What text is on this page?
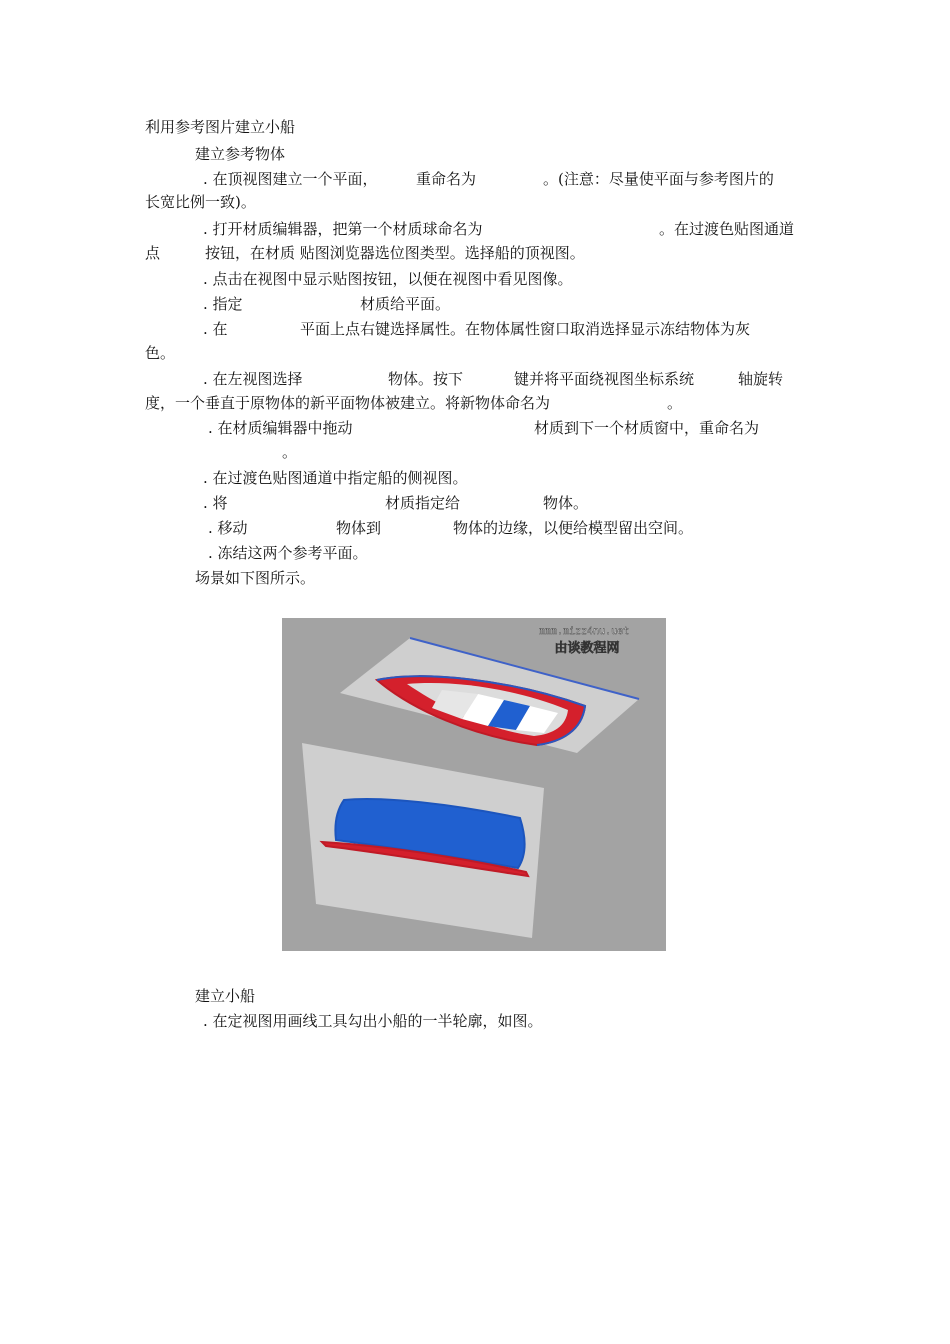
利用参考图片建立小船
建立参考物体
. 在顶视图建立一个平面，	重命名为	。(注意：尽量使平面与参考图片的
长宽比例一致)。
. 打开材质编辑器，把第一个材质球命名为	。在过渡色贴图通道
点	按钮，在材质 贴图浏览器选位图类型。选择船的顶视图。
. 点击在视图中显示贴图按钮，以便在视图中看见图像。
. 指定	材质给平面。
. 在	平面上点右键选择属性。在物体属性窗口取消选择显示冻结物体为灰
色。
. 在左视图选择	物体。按下	键并将平面绕视图坐标系统	轴旋转
度，一个垂直于原物体的新平面物体被建立。将新物体命名为	。
. 在材质编辑器中拖动	材质到下一个材质窗中，重命名为
。
. 在过渡色贴图通道中指定船的侧视图。
. 将	材质指定给	物体。
. 移动	物体到	物体的边缘，以便给模型留出空间。
. 冻结这两个参考平面。
场景如下图所示。
mmm.mizz4nu.uet
由谈教程网
建立小船
. 在定视图用画线工具勾出小船的一半轮廓，如图。
